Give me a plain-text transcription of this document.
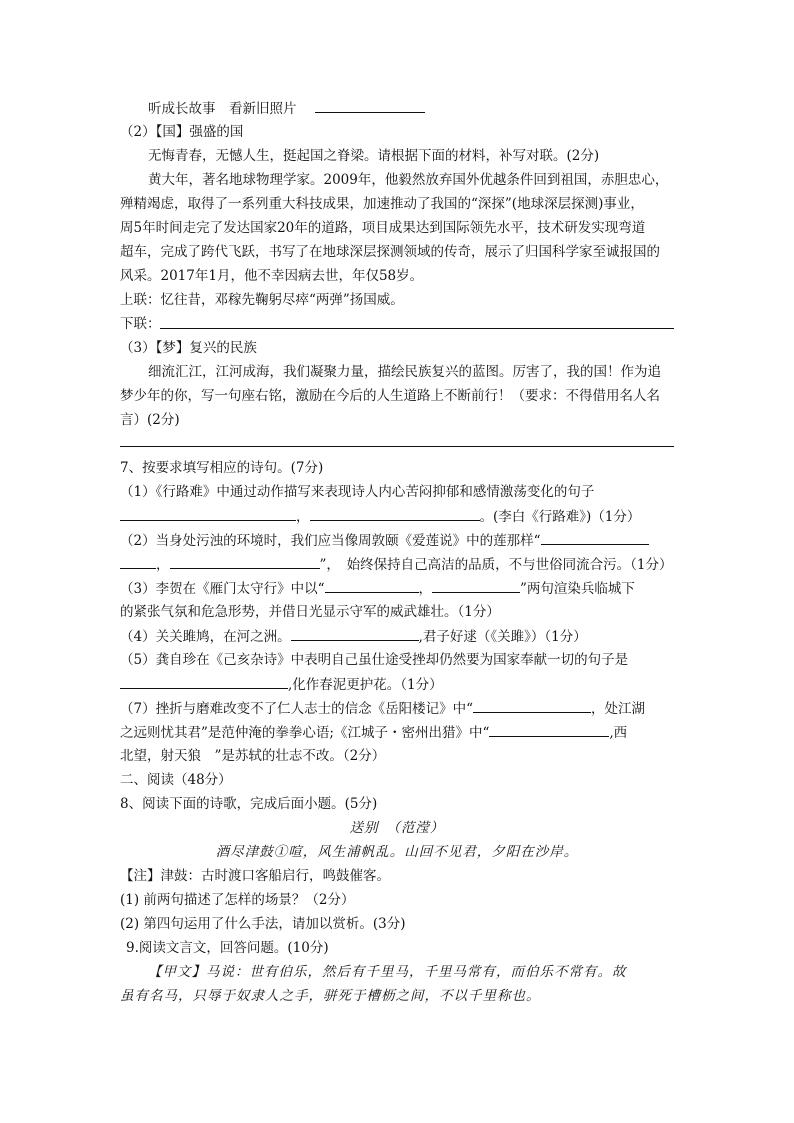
听成长故事　看新旧照片
（2）【国】强盛的国
无悔青春，无憾人生，挺起国之脊梁。请根据下面的材料，补写对联。(2分)
黄大年，著名地球物理学家。2009年，他毅然放弃国外优越条件回到祖国，赤胆忠心，
殚精竭虑，取得了一系列重大科技成果，加速推动了我国的“深探”(地球深层探测)事业，
周5年时间走完了发达国家20年的道路，项目成果达到国际领先水平，技术研发实现弯道
超车，完成了跨代飞跃，书写了在地球深层探测领域的传奇，展示了归国科学家至诚报国的
风采。2017年1月，他不幸因病去世，年仅58岁。
上联：忆往昔，邓稼先鞠躬尽瘁“两弹”扬国威。
下联：
（3）【梦】复兴的民族
细流汇江，江河成海，我们凝聚力量，描绘民族复兴的蓝图。厉害了，我的国！作为追
梦少年的你，写一句座右铭，激励在今后的人生道路上不断前行！（要求：不得借用名人名
言）(2分)
7、按要求填写相应的诗句。(7分)
（1）《行路难》中通过动作描写来表现诗人内心苦闷抑郁和感情激荡变化的句子
，	。(李白《行路难》)（1分）
（2）当身处污浊的环境时，我们应当像周敦颐《爱莲说》中的莲那样“
，	”，　始终保持自己高洁的品质，不与世俗同流合污。（1分）
（3）李贺在《雁门太守行》中以“	，	”两句渲染兵临城下
的紧张气氛和危急形势，并借日光显示守军的威武雄壮。（1分）
（4）关关雎鸠，在河之洲。	,君子好逑（《关雎》）（1分）
（5）龚自珍在《己亥杂诗》中表明自己虽仕途受挫却仍然要为国家奉献一切的句子是
,化作春泥更护花。（1分）
（7）挫折与磨难改变不了仁人志士的信念《岳阳楼记》中“	，处江湖
之远则忧其君”是范仲淹的拳拳心语;《江城子・密州出猎》中“	,西
北望，射天狼　”是苏轼的壮志不改。（2分）
二、阅读（48分）
8、阅读下面的诗歌，完成后面小题。(5分)
送别　（范滢）
酒尽津鼓①喧，风生浦帆乱。山回不见君，夕阳在沙岸。
【注】津鼓：古时渡口客船启行，鸣鼓催客。
(1) 前两句描述了怎样的场景？（2分）
(2) 第四句运用了什么手法，请加以赏析。(3分)
9.阅读文言文，回答问题。(10分)
【甲文】马说：世有伯乐，然后有千里马，千里马常有，而伯乐不常有。故
虽有名马，只辱于奴隶人之手，骈死于槽枥之间，不以千里称也。
